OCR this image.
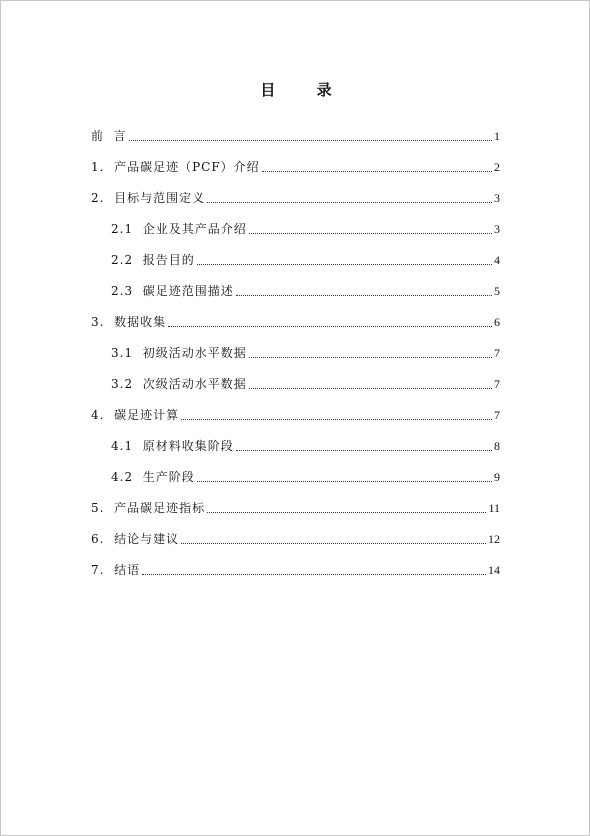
目 录
前  言	1
1.  产品碳足迹（PCF）介绍	2
2.  目标与范围定义	3
2.1  企业及其产品介绍	3
2.2  报告目的	4
2.3  碳足迹范围描述	5
3.  数据收集	6
3.1  初级活动水平数据	7
3.2  次级活动水平数据	7
4.  碳足迹计算	7
4.1  原材料收集阶段	8
4.2  生产阶段	9
5.  产品碳足迹指标	11
6.  结论与建议	12
7.  结语	14
